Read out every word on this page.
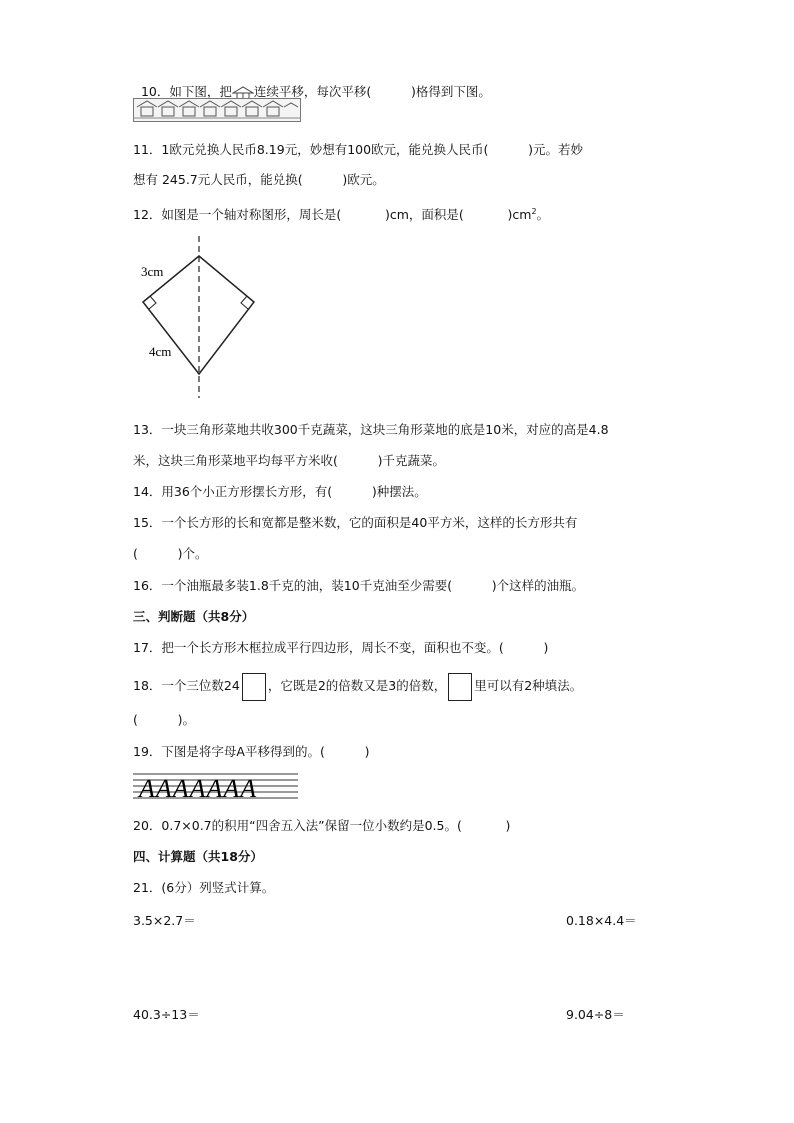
10．如下图，把 连续平移，每次平移(          )格得到下图。

11．1欧元兑换人民币8.19元，妙想有100欧元，能兑换人民币(          )元。若妙
想有 245.7元人民币，能兑换(          )欧元。
12．如图是一个轴对称图形，周长是(           )cm，面积是(           )$cm^2$。
3cm
4cm
13．一块三角形菜地共收300千克蔬菜，这块三角形菜地的底是10米，对应的高是4.8
米，这块三角形菜地平均每平方米收(          )千克蔬菜。
14．用36个小正方形摆长方形，有(          )种摆法。
15．一个长方形的长和宽都是整米数，它的面积是40平方米，这样的长方形共有
(          )个。
16．一个油瓶最多装1.8千克的油，装10千克油至少需要(          )个这样的油瓶。
三、判断题（共8分）
17．把一个长方形木框拉成平行四边形，周长不变，面积也不变。(          )
18．一个三位数24 ，它既是2的倍数又是3的倍数， 里可以有2种填法。
(          )。
19．下图是将字母A平移得到的。(          )
AAAAAAA
20．0.7×0.7的积用“四舍五入法”保留一位小数约是0.5。(           )
四、计算题（共18分）
21．(6分）列竖式计算。
3.5×2.7＝	0.18×4.4＝
40.3÷13＝	9.04÷8＝
